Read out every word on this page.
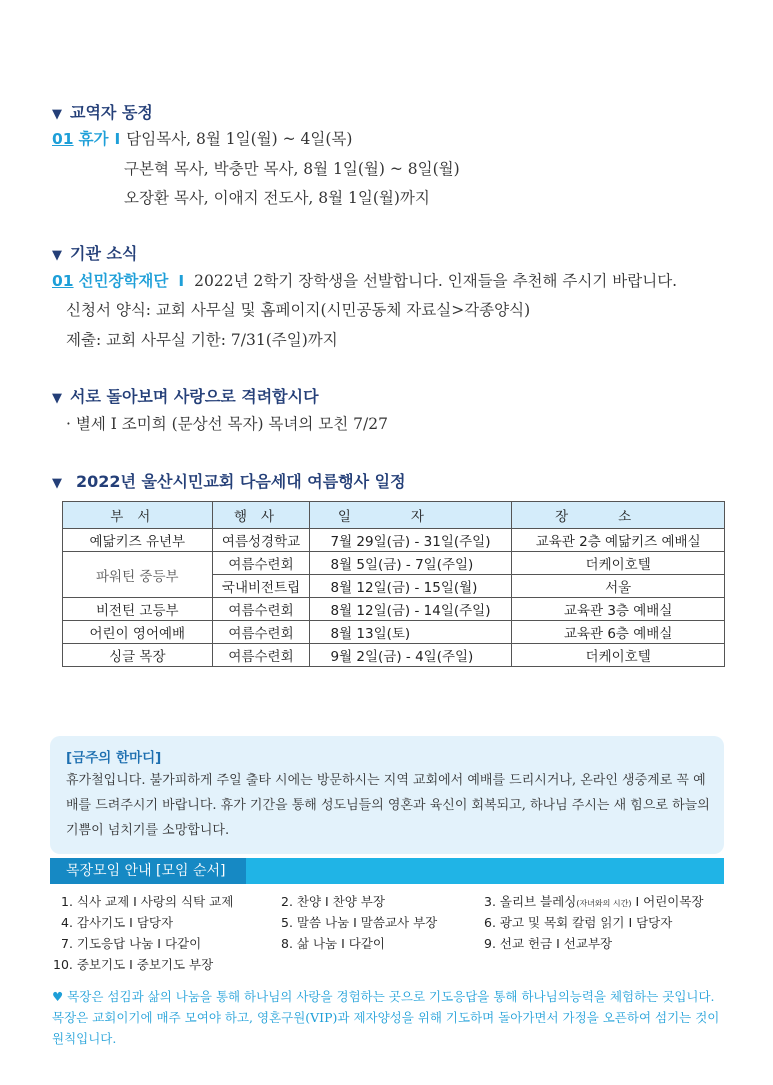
▼ 교역자 동정
01 휴가 I 담임목사, 8월 1일(월) ~ 4일(목)
구본혁 목사, 박충만 목사, 8월 1일(월) ~ 8일(월)
오장환 목사, 이애지 전도사, 8월 1일(월)까지
▼ 기관 소식
01 선민장학재단 I 2022년 2학기 장학생을 선발합니다. 인재들을 추천해 주시기 바랍니다.
신청서 양식: 교회 사무실 및 홈페이지(시민공동체 자료실>각종양식)
제출: 교회 사무실 기한: 7/31(주일)까지
▼ 서로 돌아보며 사랑으로 격려합시다
· 별세 I 조미희 (문상선 목자) 목녀의 모친 7/27
▼ 2022년 울산시민교회 다음세대 여름행사 일정
부서	행사	일자	장소
예닮키즈 유년부	여름성경학교	7월 29일(금) - 31일(주일)	교육관 2층 예닮키즈 예배실
파워틴 중등부	여름수련회	8월 5일(금) - 7일(주일)	더케이호텔
	국내비전트립	8월 12일(금) - 15일(월)	서울
비전틴 고등부	여름수련회	8월 12일(금) - 14일(주일)	교육관 3층 예배실
어린이 영어예배	여름수련회	8월 13일(토)	교육관 6층 예배실
싱글 목장	여름수련회	9월 2일(금) - 4일(주일)	더케이호텔
[금주의 한마디]
휴가철입니다. 불가피하게 주일 출타 시에는 방문하시는 지역 교회에서 예배를 드리시거나, 온라인 생중계로 꼭 예배를 드려주시기 바랍니다. 휴가 기간을 통해 성도님들의 영혼과 육신이 회복되고, 하나님 주시는 새 힘으로 하늘의 기쁨이 넘치기를 소망합니다.
목장모임 안내 [모임 순서]
1. 식사 교제 I 사랑의 식탁 교제	2. 찬양 I 찬양 부장	3. 올리브 블레싱(자녀와의 시간) I 어린이목장
4. 감사기도 I 담당자	5. 말씀 나눔 I 말씀교사 부장	6. 광고 및 목회 칼럼 읽기 I 담당자
7. 기도응답 나눔 I 다같이	8. 삶 나눔 I 다같이	9. 선교 헌금 I 선교부장
10. 중보기도 I 중보기도 부장
♥ 목장은 섬김과 삶의 나눔을 통해 하나님의 사랑을 경험하는 곳으로 기도응답을 통해 하나님의능력을 체험하는 곳입니다. 목장은 교회이기에 매주 모여야 하고, 영혼구원(VIP)과 제자양성을 위해 기도하며 돌아가면서 가정을 오픈하여 섬기는 것이 원칙입니다.
